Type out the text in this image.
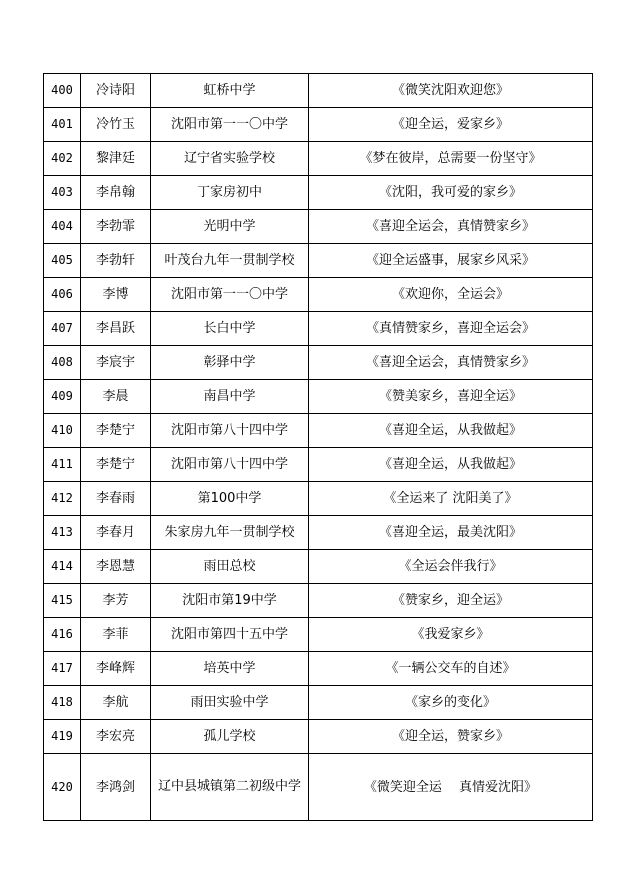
400	冷诗阳	虹桥中学	《微笑沈阳欢迎您》
401	冷竹玉	沈阳市第一一〇中学	《迎全运，爱家乡》
402	黎津廷	辽宁省实验学校	《梦在彼岸，总需要一份坚守》
403	李帛翰	丁家房初中	《沈阳，我可爱的家乡》
404	李勃霏	光明中学	《喜迎全运会，真情赞家乡》
405	李勃轩	叶茂台九年一贯制学校	《迎全运盛事，展家乡风采》
406	李博	沈阳市第一一〇中学	《欢迎你，全运会》
407	李昌跃	长白中学	《真情赞家乡，喜迎全运会》
408	李宸宇	彰驿中学	《喜迎全运会，真情赞家乡》
409	李晨	南昌中学	《赞美家乡，喜迎全运》
410	李楚宁	沈阳市第八十四中学	《喜迎全运，从我做起》
411	李楚宁	沈阳市第八十四中学	《喜迎全运，从我做起》
412	李春雨	第100中学	《全运来了 沈阳美了》
413	李春月	朱家房九年一贯制学校	《喜迎全运，最美沈阳》
414	李恩慧	雨田总校	《全运会伴我行》
415	李芳	沈阳市第19中学	《赞家乡，迎全运》
416	李菲	沈阳市第四十五中学	《我爱家乡》
417	李峰辉	培英中学	《一辆公交车的自述》
418	李航	雨田实验中学	《家乡的变化》
419	李宏亮	孤儿学校	《迎全运，赞家乡》
420	李鸿剑	辽中县城镇第二初级中学	《微笑迎全运　 真情爱沈阳》
